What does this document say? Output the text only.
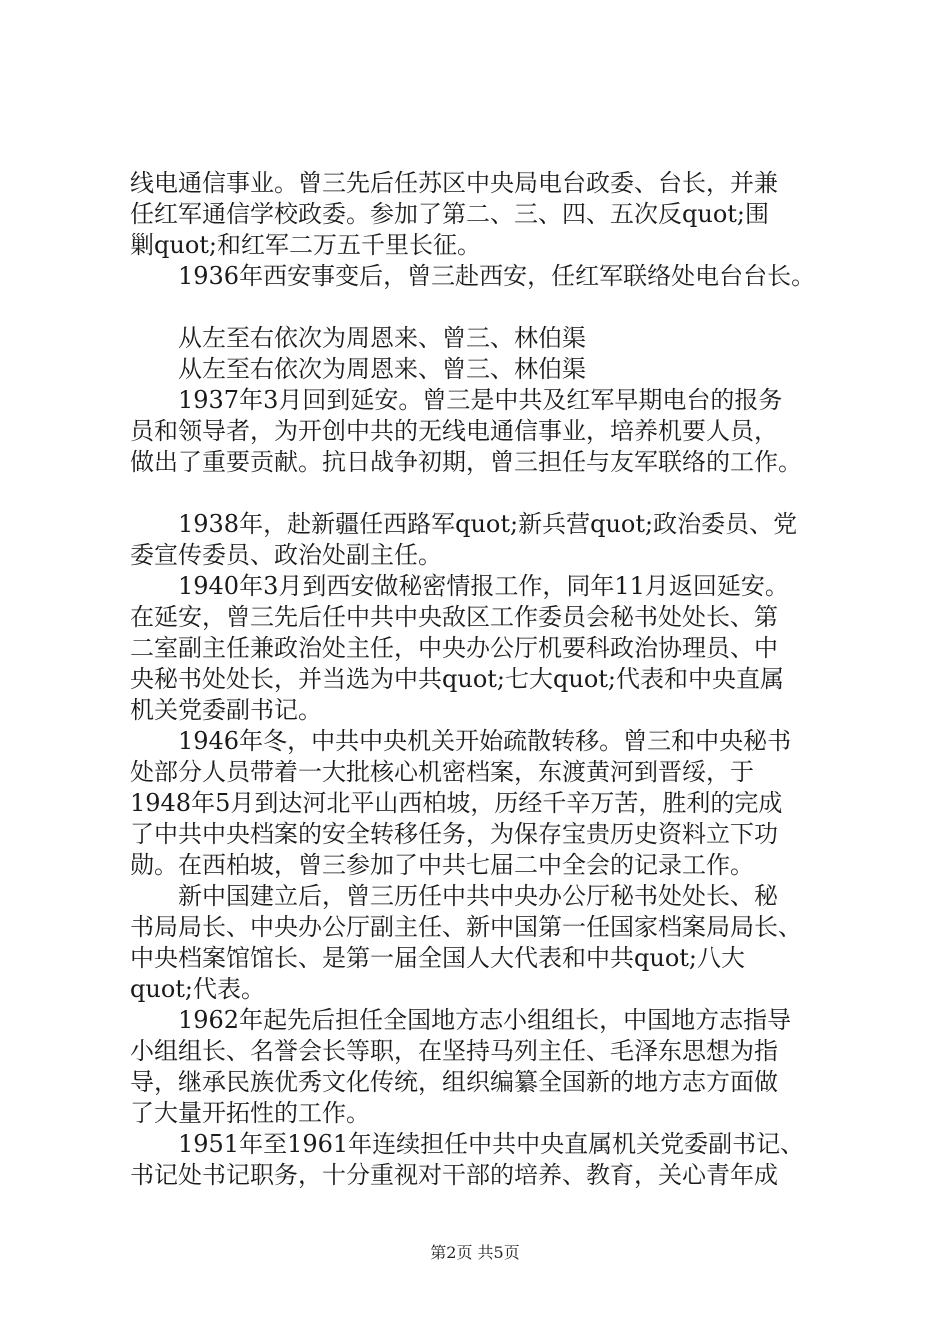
线电通信事业。曾三先后任苏区中央局电台政委、台长，并兼
任红军通信学校政委。参加了第二、三、四、五次反quot;围
剿quot;和红军二万五千里长征。
1936年西安事变后，曾三赴西安，任红军联络处电台台长。
从左至右依次为周恩来、曾三、林伯渠
从左至右依次为周恩来、曾三、林伯渠
1937年3月回到延安。曾三是中共及红军早期电台的报务
员和领导者，为开创中共的无线电通信事业，培养机要人员，
做出了重要贡献。抗日战争初期，曾三担任与友军联络的工作。
1938年，赴新疆任西路军quot;新兵营quot;政治委员、党
委宣传委员、政治处副主任。
1940年3月到西安做秘密情报工作，同年11月返回延安。
在延安，曾三先后任中共中央敌区工作委员会秘书处处长、第
二室副主任兼政治处主任，中央办公厅机要科政治协理员、中
央秘书处处长，并当选为中共quot;七大quot;代表和中央直属
机关党委副书记。
1946年冬，中共中央机关开始疏散转移。曾三和中央秘书
处部分人员带着一大批核心机密档案，东渡黄河到晋绥，于
1948年5月到达河北平山西柏坡，历经千辛万苦，胜利的完成
了中共中央档案的安全转移任务，为保存宝贵历史资料立下功
勋。在西柏坡，曾三参加了中共七届二中全会的记录工作。
新中国建立后，曾三历任中共中央办公厅秘书处处长、秘
书局局长、中央办公厅副主任、新中国第一任国家档案局局长、
中央档案馆馆长、是第一届全国人大代表和中共quot;八大
quot;代表。
1962年起先后担任全国地方志小组组长，中国地方志指导
小组组长、名誉会长等职，在坚持马列主任、毛泽东思想为指
导，继承民族优秀文化传统，组织编纂全国新的地方志方面做
了大量开拓性的工作。
1951年至1961年连续担任中共中央直属机关党委副书记、
书记处书记职务，十分重视对干部的培养、教育，关心青年成
第2页 共5页
